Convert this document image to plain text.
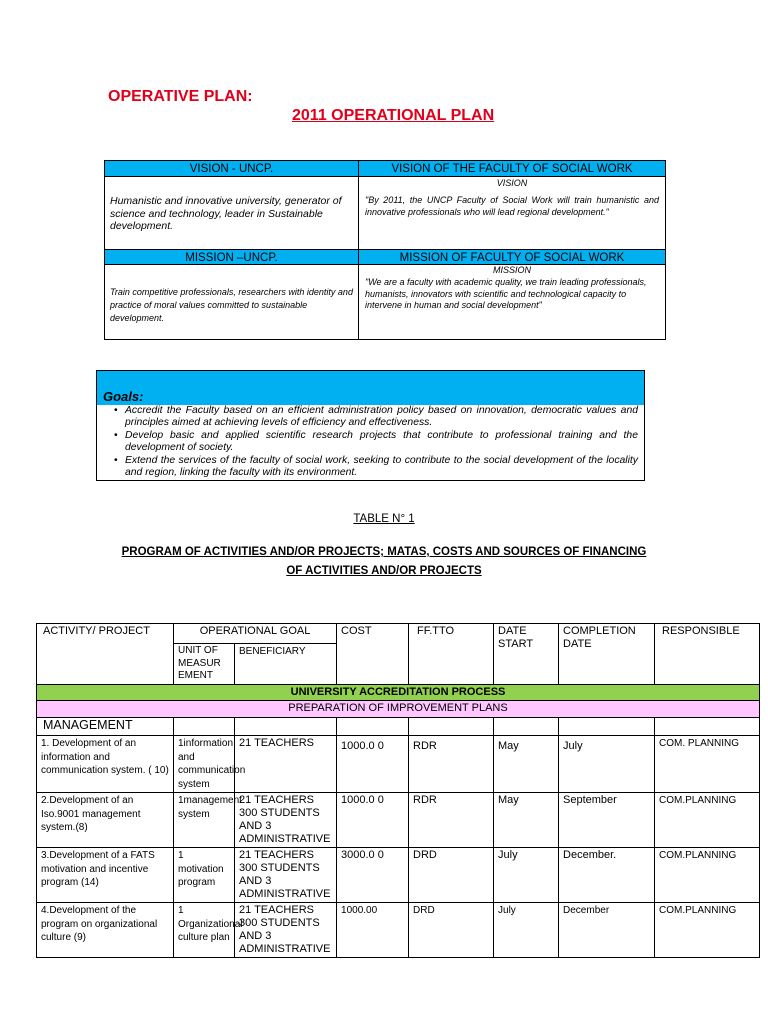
OPERATIVE PLAN:
2011 OPERATIONAL PLAN
VISION - UNCP.	VISION OF THE FACULTY OF SOCIAL WORK
VISION
Humanistic and innovative university, generator of science and technology, leader in Sustainable development.
"By 2011, the UNCP Faculty of Social Work will train humanistic and innovative professionals who will lead regional development."
MISSION –UNCP.	MISSION OF FACULTY OF SOCIAL WORK
MISSION
Train competitive professionals, researchers with identity and practice of moral values committed to sustainable development.
"We are a faculty with academic quality, we train leading professionals, humanists, innovators with scientific and technological capacity to intervene in human and social development"
Goals:
• Accredit the Faculty based on an efficient administration policy based on innovation, democratic values and principles aimed at achieving levels of efficiency and effectiveness.
• Develop basic and applied scientific research projects that contribute to professional training and the development of society.
• Extend the services of the faculty of social work, seeking to contribute to the social development of the locality and region, linking the faculty with its environment.
TABLE N° 1
PROGRAM OF ACTIVITIES AND/OR PROJECTS; MATAS, COSTS AND SOURCES OF FINANCING
OF ACTIVITIES AND/OR PROJECTS
ACTIVITY/ PROJECT	OPERATIONAL GOAL		COST	FF.TTO	DATE START	COMPLETION DATE	RESPONSIBLE
	UNIT OF MEASUR EMENT	BENEFICIARY					
UNIVERSITY ACCREDITATION PROCESS							
PREPARATION OF IMPROVEMENT PLANS							
MANAGEMENT							
1. Development of an information and communication system. ( 10)	1information and communication system	21 TEACHERS	1000.0 0	RDR	May	July	COM. PLANNING
2.Development of an Iso.9001 management system.(8)	1management system	21 TEACHERS 300 STUDENTS AND 3 ADMINISTRATIVE	1000.0 0	RDR	May	September	COM.PLANNING
3.Development of a FATS motivation and incentive program (14)	1 motivation program	21 TEACHERS 300 STUDENTS AND 3 ADMINISTRATIVE	3000.0 0	DRD	July	December.	COM.PLANNING
4.Development of the program on organizational culture (9)	1 Organizational culture plan	21 TEACHERS 300 STUDENTS AND 3 ADMINISTRATIVE	1000.00	DRD	July	December	COM.PLANNING
